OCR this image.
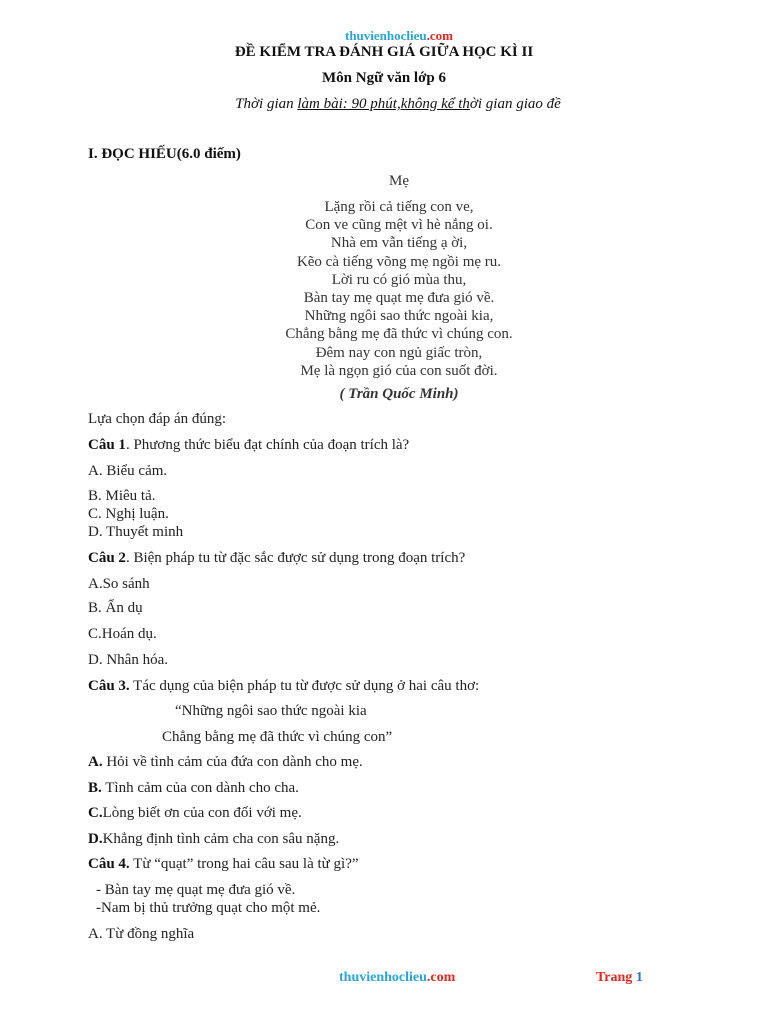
thuvienhoclieu.com
ĐỀ KIỂM TRA ĐÁNH GIÁ GIỮA HỌC KÌ II
Môn Ngữ văn lớp 6
Thời gian làm bài: 90 phút,không kể thời gian giao đề
I. ĐỌC HIẾU(6.0 điếm)
Mẹ
Lặng rồi cả tiếng con ve,
Con ve cũng mệt vì hè nắng oi.
Nhà em vẫn tiếng ạ ời,
Kẽo cà tiếng võng mẹ ngồi mẹ ru.
Lời ru có gió mùa thu,
Bàn tay mẹ quạt mẹ đưa gió về.
Những ngôi sao thức ngoài kia,
Chẳng bằng mẹ đã thức vì chúng con.
Đêm nay con ngủ giấc tròn,
Mẹ là ngọn gió của con suốt đời.
( Trần Quốc Minh)
Lựa chọn đáp án đúng:
Câu 1. Phương thức biểu đạt chính của đoạn trích là?
A. Biểu cảm.
B. Miêu tả.
C. Nghị luận.
D. Thuyết minh
Câu 2. Biện pháp tu từ đặc sắc được sử dụng trong đoạn trích?
A.So sánh
B. Ẩn dụ
C.Hoán dụ.
D. Nhân hóa.
Câu 3. Tác dụng của biện pháp tu từ được sử dụng ở hai câu thơ:
“Những ngôi sao thức ngoài kia
Chẳng bằng mẹ đã thức vì chúng con”
A. Hỏi về tình cảm của đứa con dành cho mẹ.
B. Tình cảm của con dành cho cha.
C.Lòng biết ơn của con đối với mẹ.
D.Khẳng định tình cảm cha con sâu nặng.
Câu 4. Từ “quạt” trong hai câu sau là từ gì?”
- Bàn tay mẹ quạt mẹ đưa gió về.
-Nam bị thủ trưởng quạt cho một mẻ.
A. Từ đồng nghĩa
thuvienhoclieu.com	Trang 1
